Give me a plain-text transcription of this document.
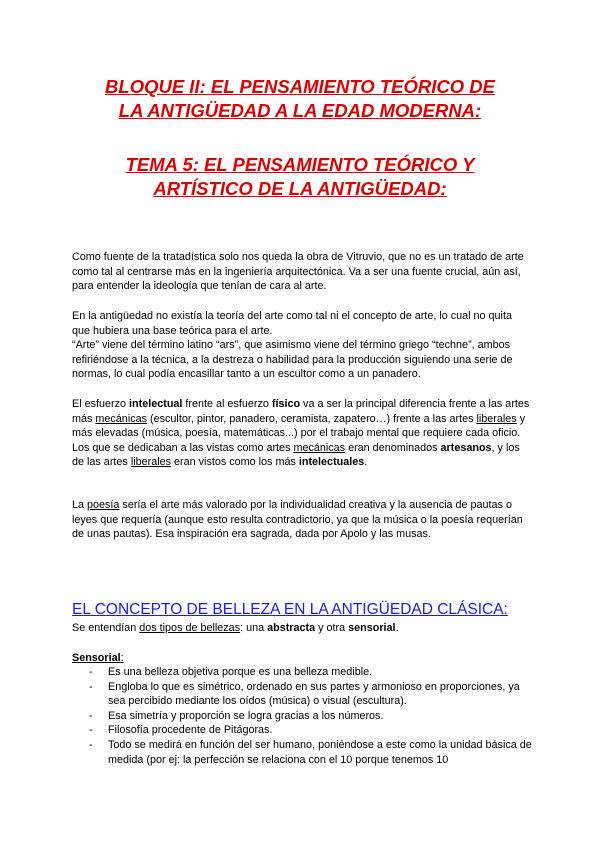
BLOQUE II: EL PENSAMIENTO TEÓRICO DE
LA ANTIGÜEDAD A LA EDAD MODERNA:
TEMA 5: EL PENSAMIENTO TEÓRICO Y
ARTÍSTICO DE LA ANTIGÜEDAD:

Como fuente de la tratadística solo nos queda la obra de Vitruvio, que no es un tratado de arte como tal al centrarse más en la ingeniería arquitectónica. Va a ser una fuente crucial, aún así, para entender la ideología que tenían de cara al arte.

En la antigüedad no existía la teoría del arte como tal ni el concepto de arte, lo cual no quita que hubiera una base teórica para el arte.

“Arte” viene del término latino “ars”, que asimismo viene del término griego “techne”, ambos refiriéndose a la técnica, a la destreza o habilidad para la producción siguiendo una serie de normas, lo cual podía encasillar tanto a un escultor como a un panadero.

El esfuerzo intelectual frente al esfuerzo físico va a ser la principal diferencia frente a las artes más mecánicas (escultor, pintor, panadero, ceramista, zapatero…) frente a las artes liberales y más elevadas (música, poesía, matemáticas...) por el trabajo mental que requiere cada oficio.

Los que se dedicaban a las vistas como artes mecánicas eran denominados artesanos, y los de las artes liberales eran vistos como los más intelectuales.

La poesía sería el arte más valorado por la individualidad creativa y la ausencia de pautas o leyes que requería (aunque esto resulta contradictorio, ya que la música o la poesía requerían de unas pautas). Esa inspiración era sagrada, dada por Apolo y las musas.

EL CONCEPTO DE BELLEZA EN LA ANTIGÜEDAD CLÁSICA:
Se entendían dos tipos de bellezas: una abstracta y otra sensorial.
Sensorial:
- Es una belleza objetiva porque es una belleza medible.
- Engloba lo que es simétrico, ordenado en sus partes y armonioso en proporciones, ya sea percibido mediante los oídos (música) o visual (escultura).
- Esa simetría y proporción se logra gracias a los números.
- Filosofía procedente de Pitágoras.
- Todo se medirá en función del ser humano, poniéndose a este como la unidad básica de medida (por ej: la perfección se relaciona con el 10 porque tenemos 10
